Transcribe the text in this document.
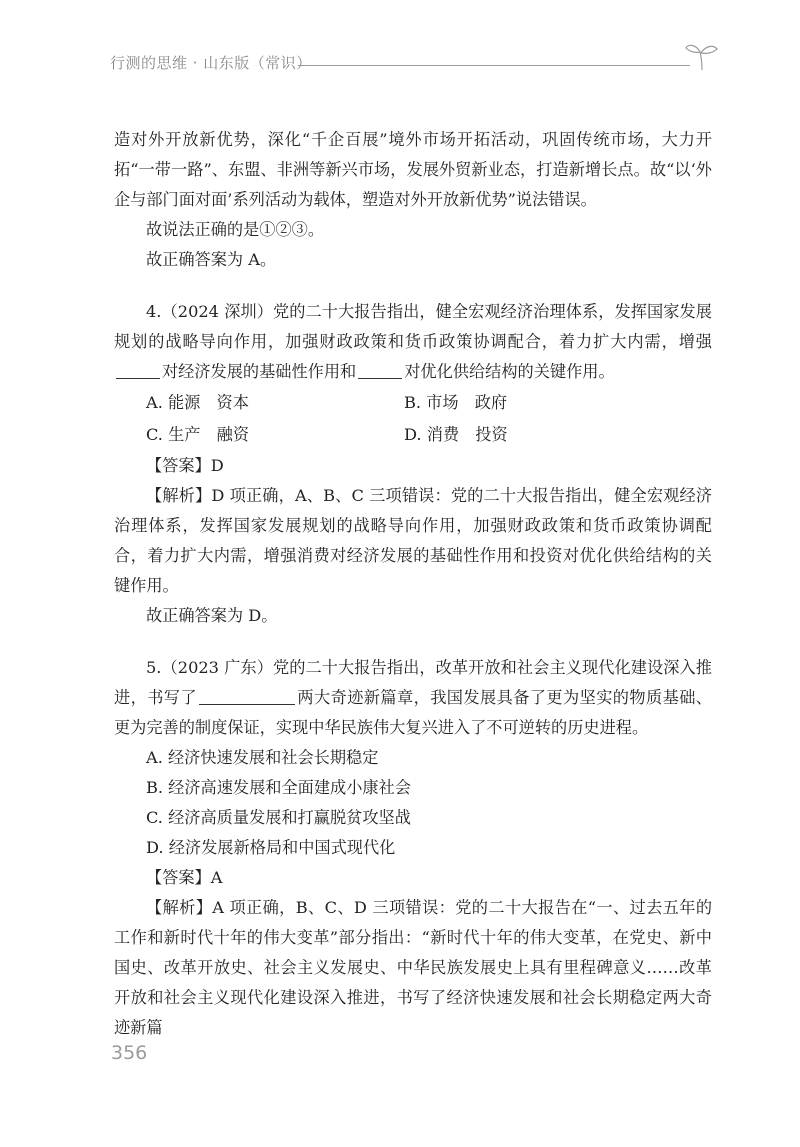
行测的思维 · 山东版（常识）

造对外开放新优势，深化“千企百展”境外市场开拓活动，巩固传统市场，大力开拓“一带一路”、东盟、非洲等新兴市场，发展外贸新业态，打造新增长点。故“以‘外企与部门面对面’系列活动为载体，塑造对外开放新优势”说法错误。

故说法正确的是①②③。

故正确答案为 A。

4.（2024 深圳）党的二十大报告指出，健全宏观经济治理体系，发挥国家发展规划的战略导向作用，加强财政政策和货币政策协调配合，着力扩大内需，增强对经济发展的基础性作用和	对优化供给结构的关键作用。

A. 能源　资本	B. 市场　政府
C. 生产　融资	D. 消费　投资

【答案】D

【解析】D 项正确，A、B、C 三项错误：党的二十大报告指出，健全宏观经济治理体系，发挥国家发展规划的战略导向作用，加强财政政策和货币政策协调配合，着力扩大内需，增强消费对经济发展的基础性作用和投资对优化供给结构的关键作用。

故正确答案为 D。

5.（2023 广东）党的二十大报告指出，改革开放和社会主义现代化建设深入推进，书写了	两大奇迹新篇章，我国发展具备了更为坚实的物质基础、更为完善的制度保证，实现中华民族伟大复兴进入了不可逆转的历史进程。

A. 经济快速发展和社会长期稳定

B. 经济高速发展和全面建成小康社会

C. 经济高质量发展和打赢脱贫攻坚战

D. 经济发展新格局和中国式现代化

【答案】A

【解析】A 项正确，B、C、D 三项错误：党的二十大报告在“一、过去五年的工作和新时代十年的伟大变革”部分指出：“新时代十年的伟大变革，在党史、新中国史、改革开放史、社会主义发展史、中华民族发展史上具有里程碑意义……改革开放和社会主义现代化建设深入推进，书写了经济快速发展和社会长期稳定两大奇迹新篇

356
